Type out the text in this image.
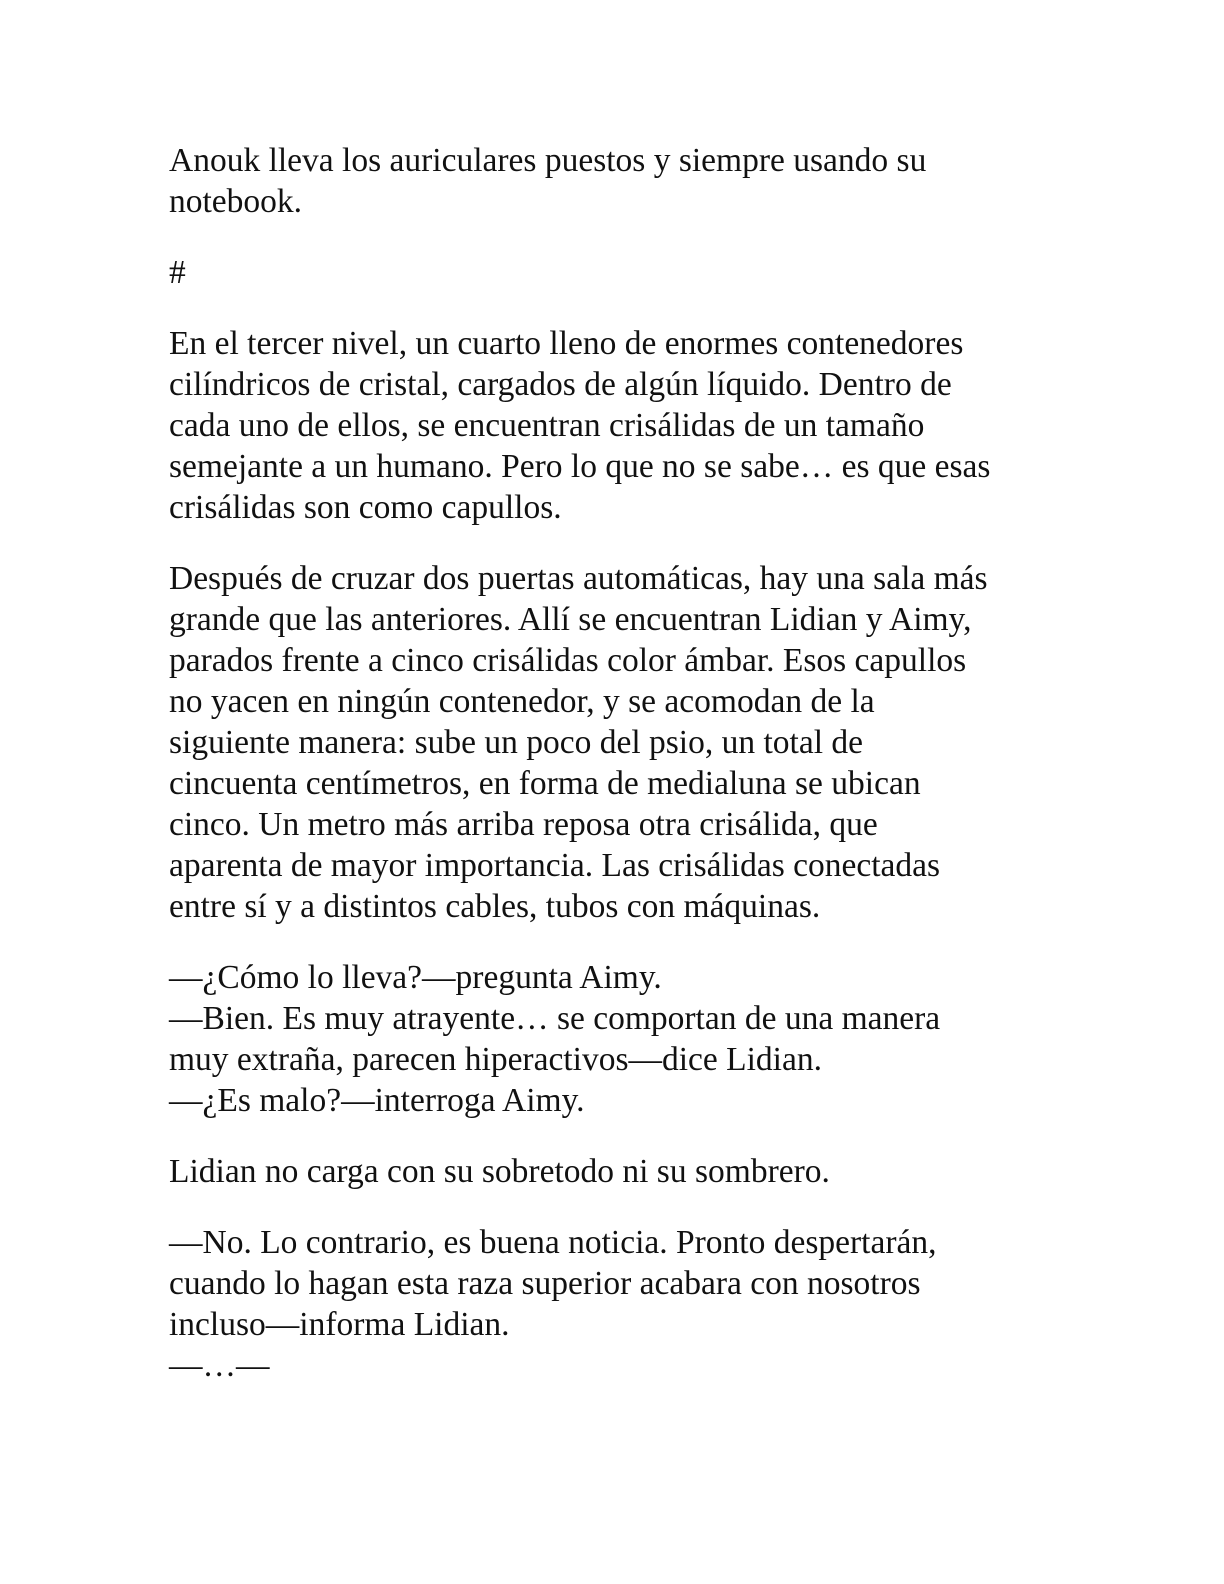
Anouk lleva los auriculares puestos y siempre usando su
notebook.

#

En el tercer nivel, un cuarto lleno de enormes contenedores
cilíndricos de cristal, cargados de algún líquido. Dentro de
cada uno de ellos, se encuentran crisálidas de un tamaño
semejante a un humano. Pero lo que no se sabe… es que esas
crisálidas son como capullos.

Después de cruzar dos puertas automáticas, hay una sala más
grande que las anteriores. Allí se encuentran Lidian y Aimy,
parados frente a cinco crisálidas color ámbar. Esos capullos
no yacen en ningún contenedor, y se acomodan de la
siguiente manera: sube un poco del psio, un total de
cincuenta centímetros, en forma de medialuna se ubican
cinco. Un metro más arriba reposa otra crisálida, que
aparenta de mayor importancia. Las crisálidas conectadas
entre sí y a distintos cables, tubos con máquinas.

—¿Cómo lo lleva?—pregunta Aimy.
—Bien. Es muy atrayente… se comportan de una manera
muy extraña, parecen hiperactivos—dice Lidian.
—¿Es malo?—interroga Aimy.

Lidian no carga con su sobretodo ni su sombrero.

—No. Lo contrario, es buena noticia. Pronto despertarán,
cuando lo hagan esta raza superior acabara con nosotros
incluso—informa Lidian.
—…—
